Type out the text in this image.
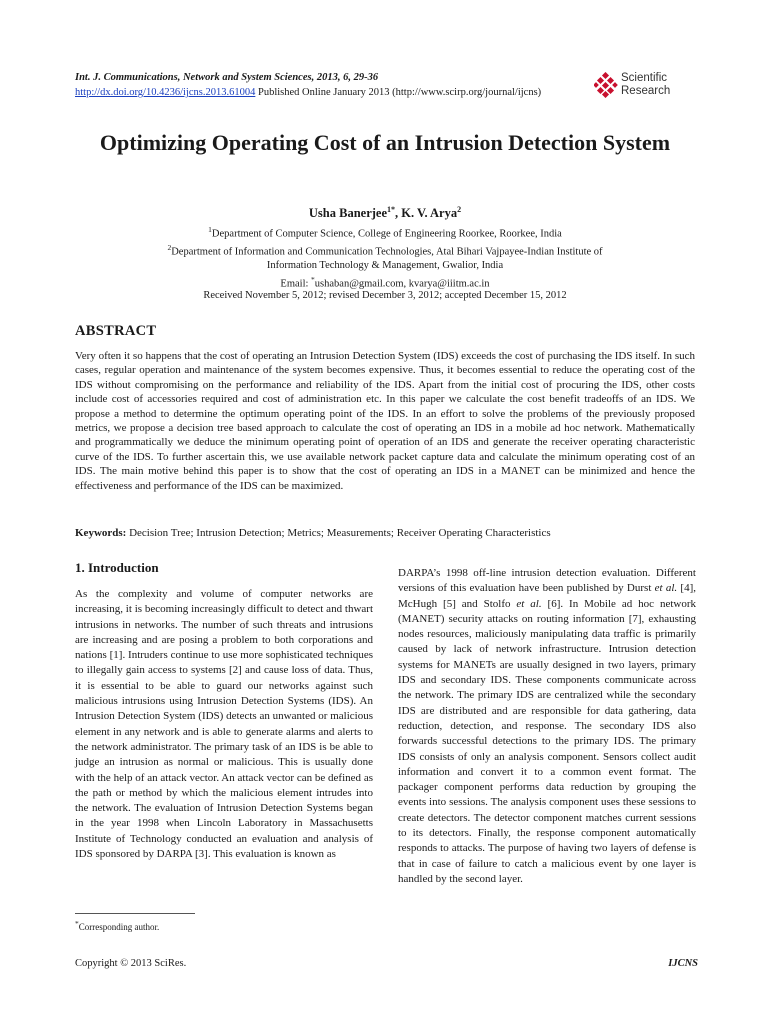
Int. J. Communications, Network and System Sciences, 2013, 6, 29-36
http://dx.doi.org/10.4236/ijcns.2013.61004 Published Online January 2013 (http://www.scirp.org/journal/ijcns)
Scientific
Research
Optimizing Operating Cost of an Intrusion Detection System
Usha Banerjee$^{1*}$, K. V. Arya$^2$
$^1$Department of Computer Science, College of Engineering Roorkee, Roorkee, India
$^2$Department of Information and Communication Technologies, Atal Bihari Vajpayee-Indian Institute of
Information Technology & Management, Gwalior, India
Email: *ushaban@gmail.com, kvarya@iiitm.ac.in
Received November 5, 2012; revised December 3, 2012; accepted December 15, 2012
ABSTRACT
Very often it so happens that the cost of operating an Intrusion Detection System (IDS) exceeds the cost of purchasing the IDS itself. In such cases, regular operation and maintenance of the system becomes expensive. Thus, it becomes essential to reduce the operating cost of the IDS without compromising on the performance and reliability of the IDS. Apart from the initial cost of procuring the IDS, other costs include cost of accessories required and cost of administration etc. In this paper we calculate the cost benefit tradeoffs of an IDS. We propose a method to determine the optimum operating point of the IDS. In an effort to solve the problems of the previously proposed metrics, we propose a decision tree based approach to calculate the cost of operating an IDS in a mobile ad hoc network. Mathematically and programmatically we deduce the minimum operating point of operation of an IDS and generate the receiver operating characteristic curve of the IDS. To further ascertain this, we use available network packet capture data and calculate the minimum operating cost of an IDS. The main motive behind this paper is to show that the cost of operating an IDS in a MANET can be minimized and hence the effectiveness and performance of the IDS can be maximized.
Keywords: Decision Tree; Intrusion Detection; Metrics; Measurements; Receiver Operating Characteristics
1. Introduction

As the complexity and volume of computer networks are increasing, it is becoming increasingly difficult to detect and thwart intrusions in networks. The number of such threats and intrusions are increasing and are posing a problem to both corporations and nations [1]. Intruders continue to use more sophisticated techniques to illegally gain access to systems [2] and cause loss of data. Thus, it is essential to be able to guard our networks against such malicious intrusions using Intrusion Detection Systems (IDS). An Intrusion Detection System (IDS) detects an unwanted or malicious element in any network and is able to generate alarms and alerts to the network administrator. The primary task of an IDS is be able to judge an intrusion as normal or malicious. This is usually done with the help of an attack vector. An attack vector can be defined as the path or method by which the malicious element intrudes into the network. The evaluation of Intrusion Detection Systems began in the year 1998 when Lincoln Laboratory in Massachusetts Institute of Technology conducted an evaluation and analysis of IDS sponsored by DARPA [3]. This evaluation is known as

DARPA’s 1998 off-line intrusion detection evaluation. Different versions of this evaluation have been published by Durst et al. [4], McHugh [5] and Stolfo et al. [6]. In Mobile ad hoc network (MANET) security attacks on routing information [7], exhausting nodes resources, maliciously manipulating data traffic is primarily caused by lack of network infrastructure. Intrusion detection systems for MANETs are usually designed in two layers, primary IDS and secondary IDS. These components communicate across the network. The primary IDS are centralized while the secondary IDS are distributed and are responsible for data gathering, data reduction, detection, and response. The secondary IDS also forwards successful detections to the primary IDS. The primary IDS consists of only an analysis component. Sensors collect audit information and convert it to a common event format. The packager component performs data reduction by grouping the events into sessions. The analysis component uses these sessions to create detectors. The detector component matches current sessions to its detectors. Finally, the response component automatically responds to attacks. The purpose of having two layers of defense is that in case of failure to catch a malicious event by one layer is handled by the second layer.

*Corresponding author.
Copyright © 2013 SciRes.	IJCNS
